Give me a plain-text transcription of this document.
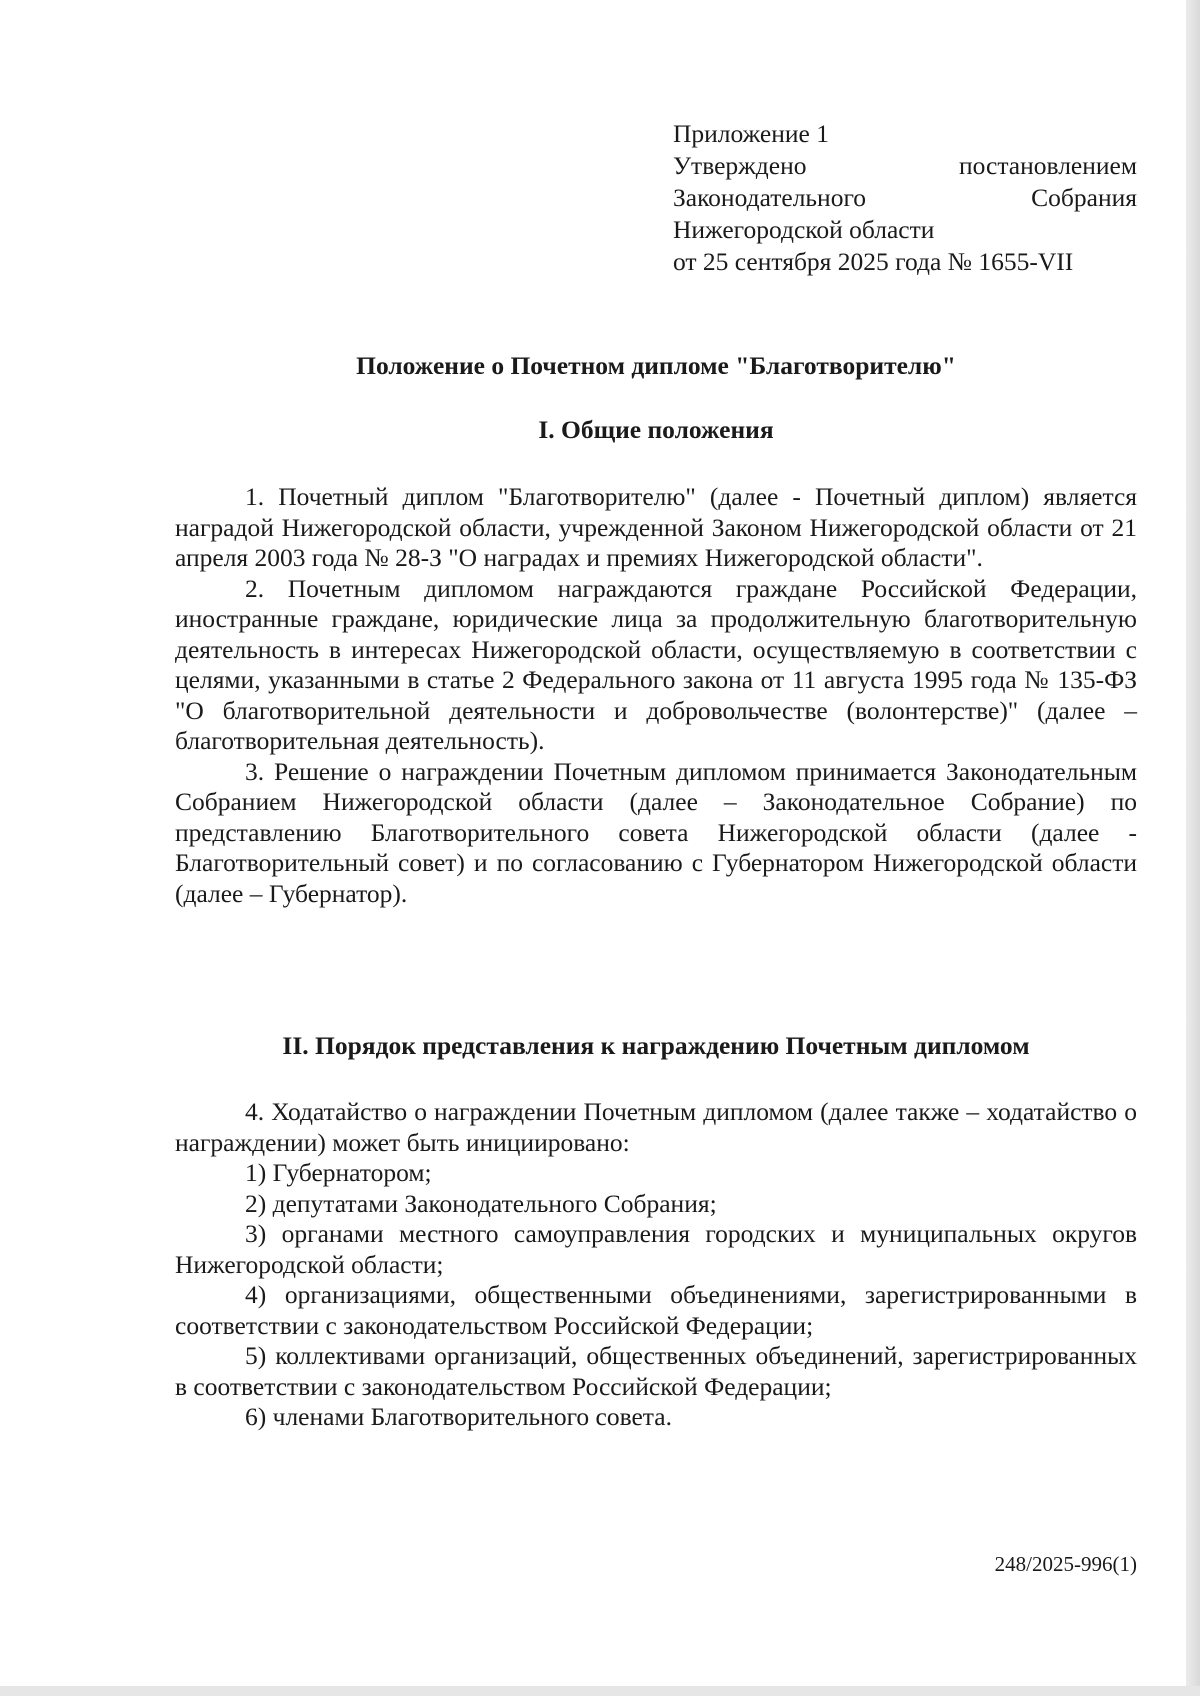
Приложение 1
Утверждено постановлением
Законодательного Собрания
Нижегородской области
от 25 сентября 2025 года № 1655-VII
Положение о Почетном дипломе "Благотворителю"
I. Общие положения

1. Почетный диплом "Благотворителю" (далее - Почетный диплом) является наградой Нижегородской области, учрежденной Законом Нижегородской области от 21 апреля 2003 года № 28-З "О наградах и премиях Нижегородской области".

2. Почетным дипломом награждаются граждане Российской Федерации, иностранные граждане, юридические лица за продолжительную благотворительную деятельность в интересах Нижегородской области, осуществляемую в соответствии с целями, указанными в статье 2 Федерального закона от 11 августа 1995 года № 135-ФЗ "О благотворительной деятельности и добровольчестве (волонтерстве)" (далее – благотворительная деятельность).

3. Решение о награждении Почетным дипломом принимается Законодательным Собранием Нижегородской области (далее – Законодательное Собрание) по представлению Благотворительного совета Нижегородской области (далее - Благотворительный совет) и по согласованию с Губернатором Нижегородской области (далее – Губернатор).

II. Порядок представления к награждению Почетным дипломом

4. Ходатайство о награждении Почетным дипломом (далее также – ходатайство о награждении) может быть инициировано:

1) Губернатором;

2) депутатами Законодательного Собрания;

3) органами местного самоуправления городских и муниципальных округов Нижегородской области;

4) организациями, общественными объединениями, зарегистрированными в соответствии с законодательством Российской Федерации;

5) коллективами организаций, общественных объединений, зарегистрированных в соответствии с законодательством Российской Федерации;

6) членами Благотворительного совета.

248/2025-996(1)
